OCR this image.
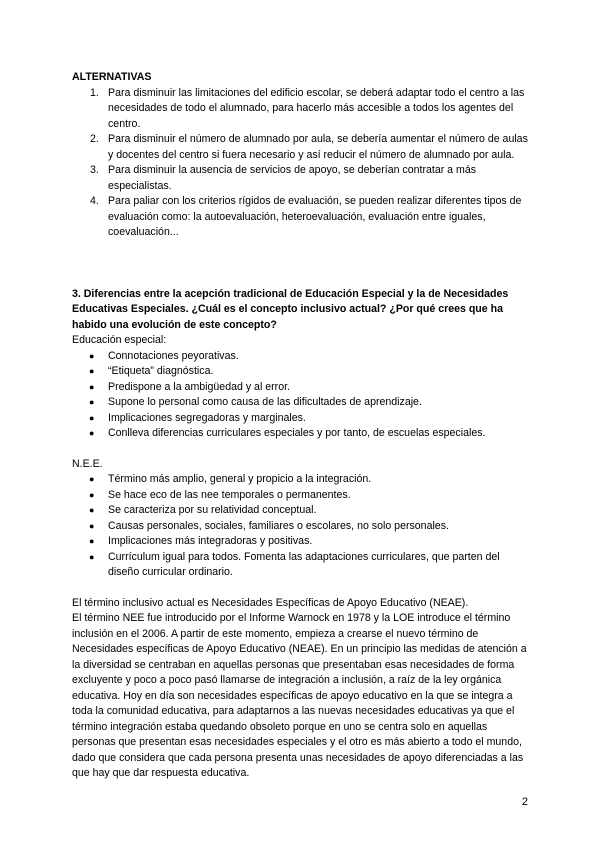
ALTERNATIVAS

Para disminuir las limitaciones del edificio escolar, se deberá adaptar todo el centro a las necesidades de todo el alumnado, para hacerlo más accesible a todos los agentes del centro.
Para disminuir el número de alumnado por aula, se debería aumentar el número de aulas y docentes del centro si fuera necesario y así reducir el número de alumnado por aula.
Para disminuir la ausencia de servicios de apoyo, se deberían contratar a más especialistas.
Para paliar con los criterios rígidos de evaluación, se pueden realizar diferentes tipos de evaluación como: la autoevaluación, heteroevaluación, evaluación entre iguales, coevaluación...

3. Diferencias entre la acepción tradicional de Educación Especial y la de Necesidades Educativas Especiales. ¿Cuál es el concepto inclusivo actual? ¿Por qué crees que ha habido una evolución de este concepto?

Educación especial:

● Connotaciones peyorativas.
● “Etiqueta” diagnóstica.
● Predispone a la ambigüedad y al error.
● Supone lo personal como causa de las dificultades de aprendizaje.
● Implicaciones segregadoras y marginales.
● Conlleva diferencias curriculares especiales y por tanto, de escuelas especiales.

N.E.E.

● Término más amplio, general y propicio a la integración.
● Se hace eco de las nee temporales o permanentes.
● Se caracteriza por su relatividad conceptual.
● Causas personales, sociales, familiares o escolares, no solo personales.
● Implicaciones más integradoras y positivas.
● Currículum igual para todos. Fomenta las adaptaciones curriculares, que parten del diseño curricular ordinario.

El término inclusivo actual es Necesidades Específicas de Apoyo Educativo (NEAE).

El término NEE fue introducido por el Informe Warnock en 1978 y la LOE introduce el término inclusión en el 2006. A partir de este momento, empieza a crearse el nuevo término de Necesidades específicas de Apoyo Educativo (NEAE). En un principio las medidas de atención a la diversidad se centraban en aquellas personas que presentaban esas necesidades de forma excluyente y poco a poco pasó llamarse de integración a inclusión, a raíz de la ley orgánica educativa. Hoy en día son necesidades específicas de apoyo educativo en la que se integra a toda la comunidad educativa, para adaptarnos a las nuevas necesidades educativas ya que el término integración estaba quedando obsoleto porque en uno se centra solo en aquellas personas que presentan esas necesidades especiales y el otro es más abierto a todo el mundo, dado que considera que cada persona presenta unas necesidades de apoyo diferenciadas a las que hay que dar respuesta educativa.

2
